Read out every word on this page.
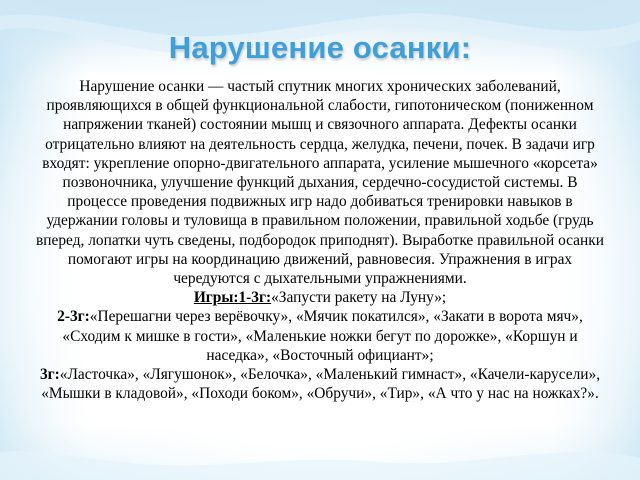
Нарушение осанки:

Нарушение осанки — частый спутник многих хронических заболеваний, проявляющихся в общей функциональной слабости, гипотоническом (пониженном напряжении тканей) состоянии мышц и связочного аппарата. Дефекты осанки отрицательно влияют на деятельность сердца, желудка, печени, почек. В задачи игр входят: укрепление опорно-двигательного аппарата, усиление мышечного «корсета» позвоночника, улучшение функций дыхания, сердечно-сосудистой системы. В процессе проведения подвижных игр надо добиваться тренировки навыков в удержании головы и туловища в правильном положении, правильной ходьбе (грудь вперед, лопатки чуть сведены, подбородок приподнят). Выработке правильной осанки помогают игры на координацию движений, равновесия. Упражнения в играх чередуются с дыхательными упражнениями.

Игры:1-3г:«Запусти ракету на Луну»;

2-3г:«Перешагни через верёвочку», «Мячик покатился», «Закати в ворота мяч», «Сходим к мишке в гости», «Маленькие ножки бегут по дорожке», «Коршун и наседка», «Восточный официант»;

3г:«Ласточка», «Лягушонок», «Белочка», «Маленький гимнаст», «Качели-карусели», «Мышки в кладовой», «Походи боком», «Обручи», «Тир», «А что у нас на ножках?».
